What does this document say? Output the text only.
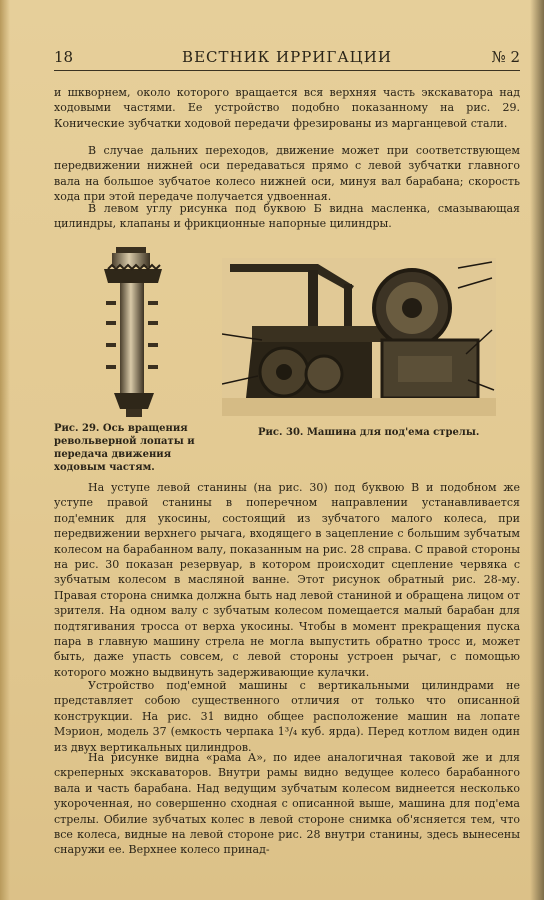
18	ВЕСТНИК ИРРИГАЦИИ	№ 2

и шкворнем, около которого вращается вся верхняя часть экскаватора над ходовыми частями. Ее устройство подобно показанному на рис. 29. Конические зубчатки ходовой передачи фрезированы из марганцевой стали.

В случае дальних переходов, движение может при соответствующем передвижении нижней оси передаваться прямо с левой зубчатки главного вала на большое зубчатое колесо нижней оси, минуя вал барабана; скорость хода при этой передаче получается удвоенная.

В левом углу рисунка под буквою Б видна масленка, смазывающая цилиндры, клапаны и фрикционные напорные цилиндры.

Рис. 29. Ось вращения револьверной лопаты и передача движения ходовым частям.

Рис. 30. Машина для под'ема стрелы.

На уступе левой станины (на рис. 30) под буквою В и подобном же уступе правой станины в поперечном направлении устанавливается под'емник для укосины, состоящий из зубчатого малого колеса, при передвижении верхнего рычага, входящего в зацепление с большим зубчатым колесом на барабанном валу, показанным на рис. 28 справа. С правой стороны на рис. 30 показан резервуар, в котором происходит сцепление червяка с зубчатым колесом в масляной ванне. Этот рисунок обратный рис. 28-му. Правая сторона снимка должна быть над левой станиной и обращена лицом от зрителя. На одном валу с зубчатым колесом помещается малый барабан для подтягивания тросса от верха укосины. Чтобы в момент прекращения пуска пара в главную машину стрела не могла выпустить обратно тросс и, может быть, даже упасть совсем, с левой стороны устроен рычаг, с помощью которого можно выдвинуть задерживающие кулачки.

Устройство под'емной машины с вертикальными цилиндрами не представляет собою существенного отличия от только что описанной конструкции. На рис. 31 видно общее расположение машин на лопате Мэрион, модель 37 (емкость черпака 1³/₄ куб. ярда). Перед котлом виден один из двух вертикальных цилиндров.

На рисунке видна «рама А», по идее аналогичная таковой же и для скреперных экскаваторов. Внутри рамы видно ведущее колесо барабанного вала и часть барабана. Над ведущим зубчатым колесом виднеется несколько укороченная, но совершенно сходная с описанной выше, машина для под'ема стрелы. Обилие зубчатых колес в левой стороне снимка об'ясняется тем, что все колеса, видные на левой стороне рис. 28 внутри станины, здесь вынесены снаружи ее. Верхнее колесо принад-
